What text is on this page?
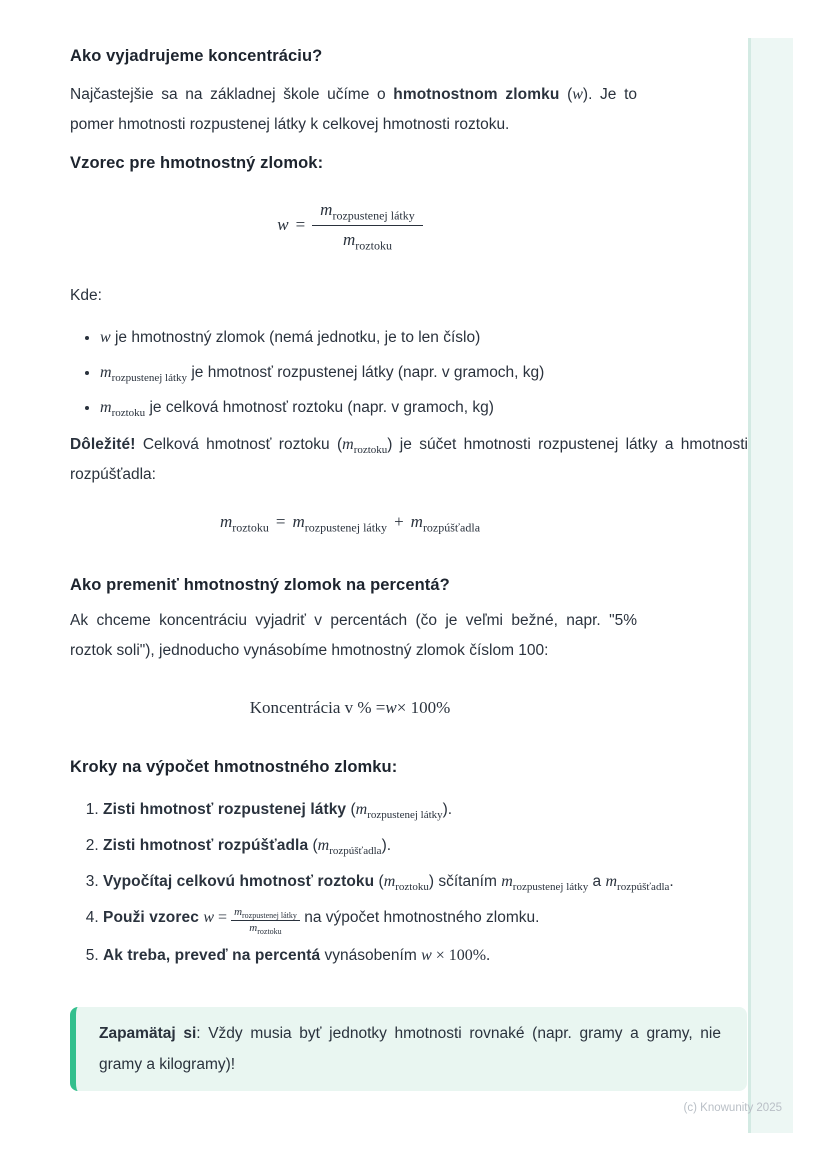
Ako vyjadrujeme koncentráciu?
Najčastejšie sa na základnej škole učíme o hmotnostnom zlomku (w). Je to pomer hmotnosti rozpustenej látky k celkovej hmotnosti roztoku.
Vzorec pre hmotnostný zlomok:
$w = \frac{m_{rozpustenej látky}}{m_{roztoku}}$
Kde:
• w je hmotnostný zlomok (nemá jednotku, je to len číslo)
• $m_{rozpustenej látky}$ je hmotnosť rozpustenej látky (napr. v gramoch, kg)
• $m_{roztoku}$ je celková hmotnosť roztoku (napr. v gramoch, kg)
Dôležité! Celková hmotnosť roztoku $(m_{roztoku})$ je súčet hmotnosti rozpustenej látky a hmotnosti rozpúšťadla:
$m_{roztoku} = m_{rozpustenej látky} + m_{rozpúšťadla}$
Ako premeniť hmotnostný zlomok na percentá?
Ak chceme koncentráciu vyjadriť v percentách (čo je veľmi bežné, napr. "5% roztok soli"), jednoducho vynásobíme hmotnostný zlomok číslom 100:
Koncentrácia v % = w × 100%
Kroky na výpočet hmotnostného zlomku:
1. Zisti hmotnosť rozpustenej látky $(m_{rozpustenej látky})$.
2. Zisti hmotnosť rozpúšťadla $(m_{rozpúšťadla})$.
3. Vypočítaj celkovú hmotnosť roztoku $(m_{roztoku})$ sčítaním $m_{rozpustenej látky}$ a $m_{rozpúšťadla}$.
4. Použi vzorec $w = m_{rozpustenej látky}$
$m_{roztoku}$
na výpočet hmotnostného zlomku.
5. Ak treba, preveď na percentá vynásobením w × 100%.
Zapamätaj si: Vždy musia byť jednotky hmotnosti rovnaké (napr. gramy a gramy, nie gramy a kilogramy)!
(c) Knowunity 2025
